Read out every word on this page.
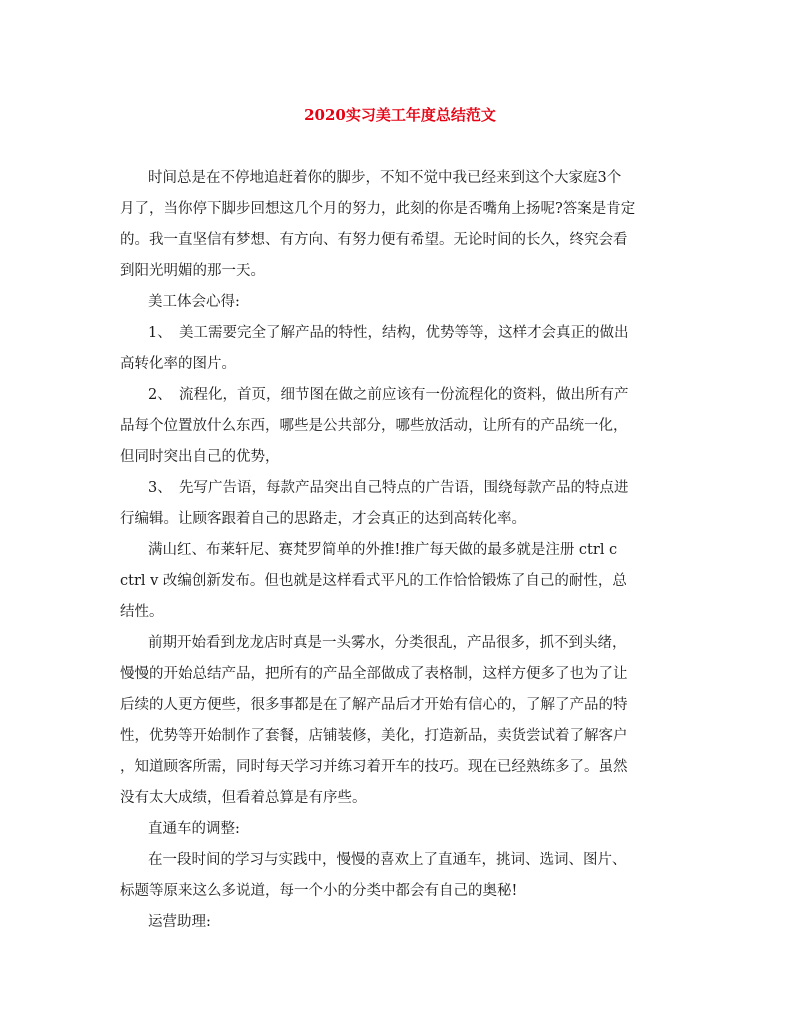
2020实习美工年度总结范文
时间总是在不停地追赶着你的脚步，不知不觉中我已经来到这个大家庭3个
月了，当你停下脚步回想这几个月的努力，此刻的你是否嘴角上扬呢?答案是肯定
的。我一直坚信有梦想、有方向、有努力便有希望。无论时间的长久，终究会看
到阳光明媚的那一天。
美工体会心得:
1、　美工需要完全了解产品的特性，结构，优势等等，这样才会真正的做出
高转化率的图片。
2、　流程化，首页，细节图在做之前应该有一份流程化的资料，做出所有产
品每个位置放什么东西，哪些是公共部分，哪些放活动，让所有的产品统一化，
但同时突出自己的优势，
3、　先写广告语，每款产品突出自己特点的广告语，围绕每款产品的特点进
行编辑。让顾客跟着自己的思路走，才会真正的达到高转化率。
满山红、布莱轩尼、赛梵罗简单的外推!推广每天做的最多就是注册 ctrl c
ctrl v 改编创新发布。但也就是这样看式平凡的工作恰恰锻炼了自己的耐性，总
结性。
前期开始看到龙龙店时真是一头雾水，分类很乱，产品很多，抓不到头绪，
慢慢的开始总结产品，把所有的产品全部做成了表格制，这样方便多了也为了让
后续的人更方便些，很多事都是在了解产品后才开始有信心的，了解了产品的特
性，优势等开始制作了套餐，店铺装修，美化，打造新品，卖货尝试着了解客户
，知道顾客所需，同时每天学习并练习着开车的技巧。现在已经熟练多了。虽然
没有太大成绩，但看着总算是有序些。
直通车的调整:
在一段时间的学习与实践中，慢慢的喜欢上了直通车，挑词、选词、图片、
标题等原来这么多说道，每一个小的分类中都会有自己的奥秘!
运营助理:
